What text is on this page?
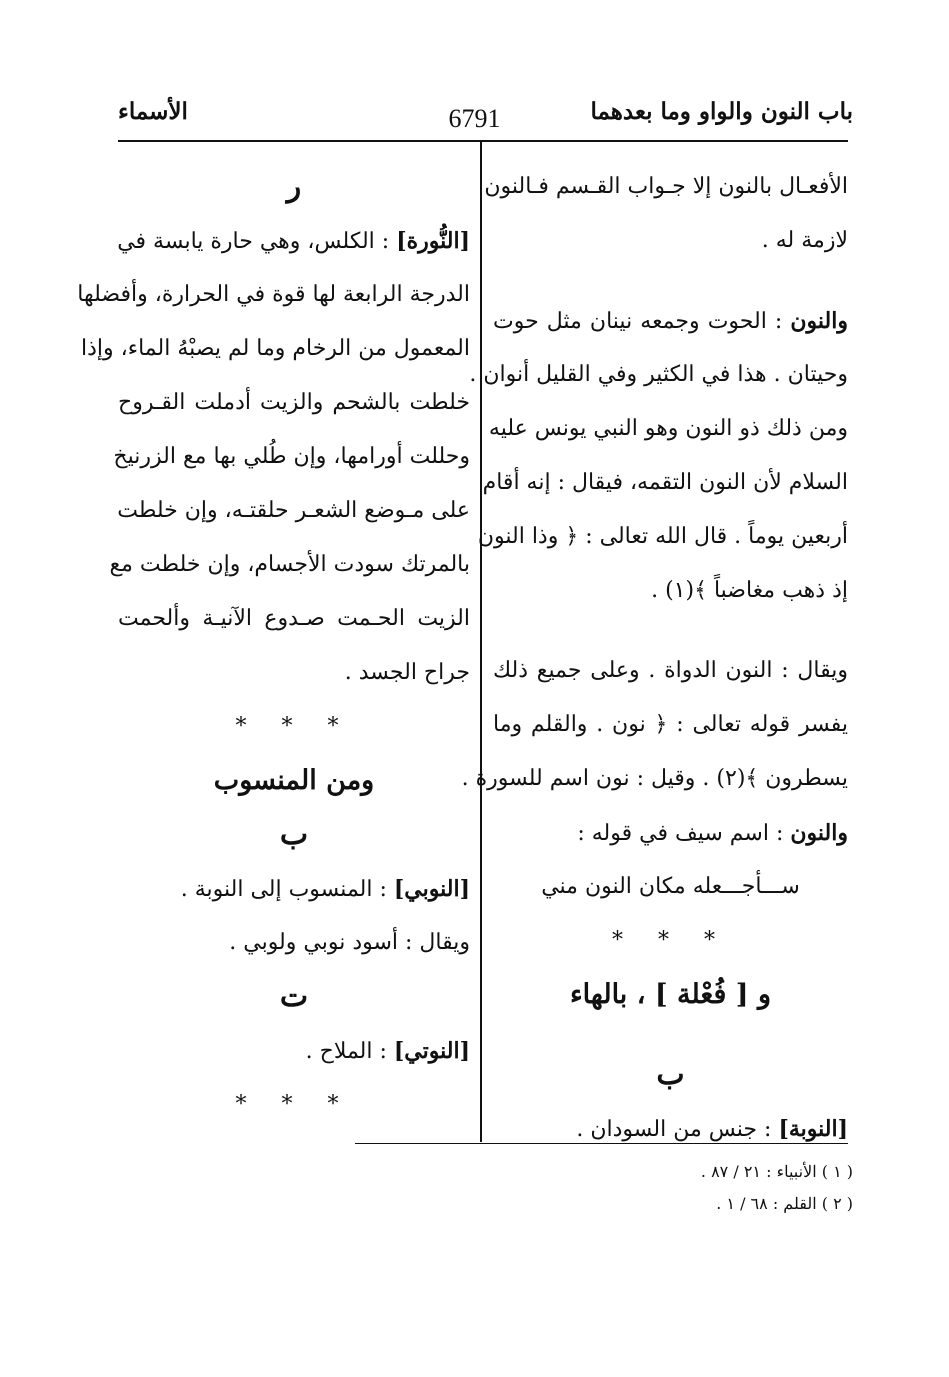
باب النون والواو وما بعدهما
6791
الأسماء
الأفعـال بالنون إلا جـواب القـسم فـالنون
لازمة له .
والنون : الحوت وجمعه نينان مثل حوت
وحيتان . هذا في الكثير وفي القليل أنوان .
ومن ذلك ذو النون وهو النبي يونس عليه
السلام لأن النون التقمه، فيقال : إنه أقام
أربعين يوماً . قال الله تعالى : ﴿ وذا النون
إذ ذهب مغاضباً ﴾(١) .
ويقال : النون الدواة . وعلى جميع ذلك
يفسر قوله تعالى : ﴿ نون . والقلم وما
يسطرون ﴾(٢) . وقيل : نون اسم للسورة .
والنون : اسم سيف في قوله :
ســـأجـــعله مكان النون مني
* * *
و [ فُعْلة ] ، بالهاء
ب
[النوبة] : جنس من السودان .
ر
[النُّورة] : الكلس، وهي حارة يابسة في
الدرجة الرابعة لها قوة في الحرارة، وأفضلها
المعمول من الرخام وما لم يصبْهُ الماء، وإذا
خلطت بالشحم والزيت أدملت القـروح
وحللت أورامها، وإن طُلي بها مع الزرنيخ
على مـوضع الشعـر حلقتـه، وإن خلطت
بالمرتك سودت الأجسام، وإن خلطت مع
الزيت الحـمت صـدوع الآنيـة وألحمت
جراح الجسد .
* * *
ومن المنسوب
ب
[النوبي] : المنسوب إلى النوبة .
ويقال : أسود نوبي ولوبي .
ت
[النوتي] : الملاح .
* * *
( ١ ) الأنبياء : ٢١ / ٨٧ .
( ٢ ) القلم : ٦٨ / ١ .
